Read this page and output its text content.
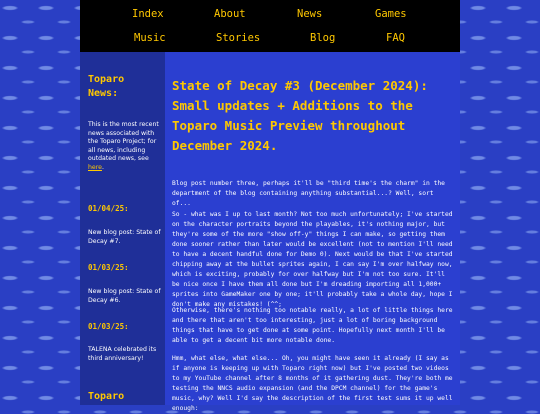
Index	About	News	Games
Music	Stories	Blog	FAQ
Toparo News:
This is the most recent news associated with the Toparo Project; for all news, including outdated news, see here.
01/04/25:
New blog post: State of Decay #7.
01/03/25:
New blog post: State of Decay #6.
01/03/25:
TALENA celebrated its third anniversary!
Toparo
State of Decay #3 (December 2024): Small updates + Additions to the Toparo Music Preview throughout December 2024.

Blog post number three, perhaps it'll be "third time's the charm" in the department of the blog containing anything substantial...? Well, sort of...

So - what was I up to last month? Not too much unfortunately; I've started on the character portraits beyond the playables, it's nothing major, but they're some of the more "show off-y" things I can make, so getting them done sooner rather than later would be excellent (not to mention I'll need to have a decent handful done for Demo 0). Next would be that I've started chipping away at the bullet sprites again, I can say I'm over halfway now, which is exciting, probably for over halfway but I'm not too sure. It'll be nice once I have them all done but I'm dreading importing all 1,000+ sprites into GameMaker one by one; it'll probably take a whole day, hope I don't make any mistakes! (^^;

Otherwise, there's nothing too notable really, a lot of little things here and there that aren't too interesting, just a lot of boring background things that have to get done at some point. Hopefully next month I'll be able to get a decent bit more notable done.

Hmm, what else, what else... Oh, you might have seen it already (I say as if anyone is keeping up with Toparo right now) but I've posted two videos to my YouTube channel after 8 months of it gathering dust. They're both me testing the NNCS audio expansion (and the DPCM channel) for the game's music, why? Well I'd say the description of the first test sums it up well enough:
